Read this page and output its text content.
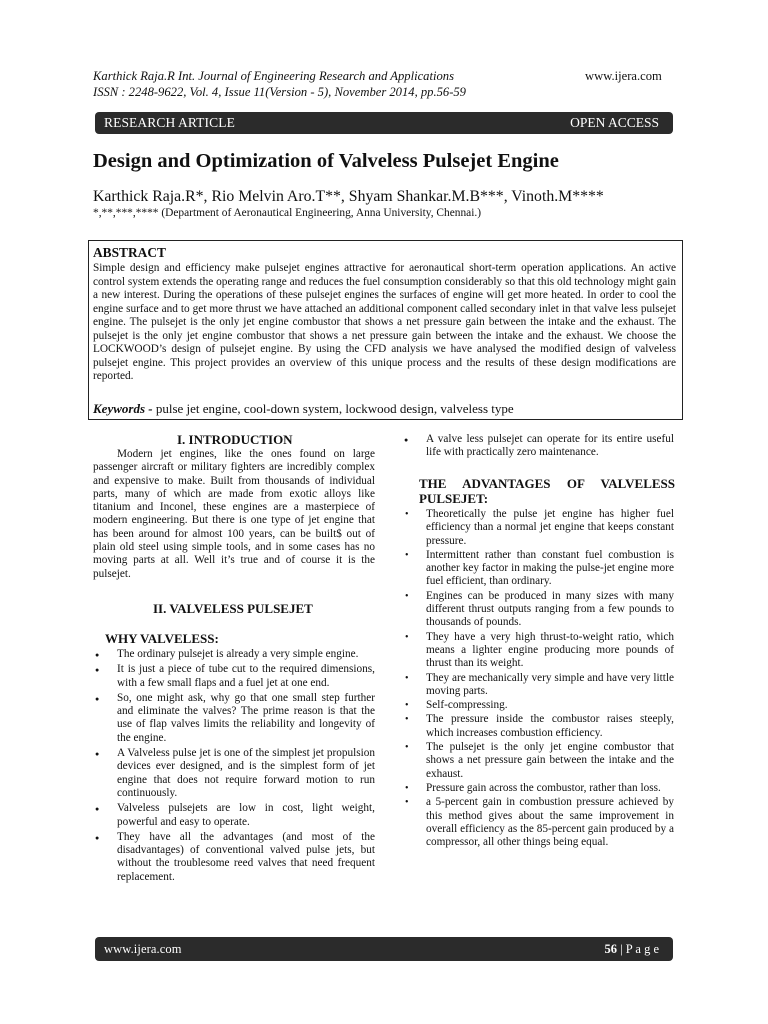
Karthick Raja.R Int. Journal of Engineering Research and Applications
ISSN : 2248-9622, Vol. 4, Issue 11(Version - 5), November 2014, pp.56-59
www.ijera.com
RESEARCH ARTICLE	OPEN ACCESS
Design and Optimization of Valveless Pulsejet Engine
Karthick Raja.R*, Rio Melvin Aro.T**, Shyam Shankar.M.B***, Vinoth.M****
*,**,***,**** (Department of Aeronautical Engineering, Anna University, Chennai.)
ABSTRACT
Simple design and efficiency make pulsejet engines attractive for aeronautical short-term operation applications. An active control system extends the operating range and reduces the fuel consumption considerably so that this old technology might gain a new interest. During the operations of these pulsejet engines the surfaces of engine will get more heated. In order to cool the engine surface and to get more thrust we have attached an additional component called secondary inlet in that valve less pulsejet engine. The pulsejet is the only jet engine combustor that shows a net pressure gain between the intake and the exhaust. The pulsejet is the only jet engine combustor that shows a net pressure gain between the intake and the exhaust. We choose the LOCKWOOD’s design of pulsejet engine. By using the CFD analysis we have analysed the modified design of valveless pulsejet engine. This project provides an overview of this unique process and the results of these design modifications are reported.
Keywords - pulse jet engine, cool-down system, lockwood design, valveless type
I. INTRODUCTION
Modern jet engines, like the ones found on large passenger aircraft or military fighters are incredibly complex and expensive to make. Built from thousands of individual parts, many of which are made from exotic alloys like titanium and Inconel, these engines are a masterpiece of modern engineering. But there is one type of jet engine that has been around for almost 100 years, can be built$ out of plain old steel using simple tools, and in some cases has no moving parts at all. Well it’s true and of course it is the pulsejet.
II. VALVELESS PULSEJET
WHY VALVELESS:
● The ordinary pulsejet is already a very simple engine.
● It is just a piece of tube cut to the required dimensions, with a few small flaps and a fuel jet at one end.
● So, one might ask, why go that one small step further and eliminate the valves? The prime reason is that the use of flap valves limits the reliability and longevity of the engine.
● A Valveless pulse jet is one of the simplest jet propulsion devices ever designed, and is the simplest form of jet engine that does not require forward motion to run continuously.
● Valveless pulsejets are low in cost, light weight, powerful and easy to operate.
● They have all the advantages (and most of the disadvantages) of conventional valved pulse jets, but without the troublesome reed valves that need frequent replacement.
● A valve less pulsejet can operate for its entire useful life with practically zero maintenance.
THE ADVANTAGES OF VALVELESS PULSEJET:
• Theoretically the pulse jet engine has higher fuel efficiency than a normal jet engine that keeps constant pressure.
• Intermittent rather than constant fuel combustion is another key factor in making the pulse-jet engine more fuel efficient, than ordinary.
• Engines can be produced in many sizes with many different thrust outputs ranging from a few pounds to thousands of pounds.
• They have a very high thrust-to-weight ratio, which means a lighter engine producing more pounds of thrust than its weight.
• They are mechanically very simple and have very little moving parts.
• Self-compressing.
• The pressure inside the combustor raises steeply, which increases combustion efficiency.
• The pulsejet is the only jet engine combustor that shows a net pressure gain between the intake and the exhaust.
• Pressure gain across the combustor, rather than loss.
• a 5-percent gain in combustion pressure achieved by this method gives about the same improvement in overall efficiency as the 85-percent gain produced by a compressor, all other things being equal.
www.ijera.com	56 | P a g e
